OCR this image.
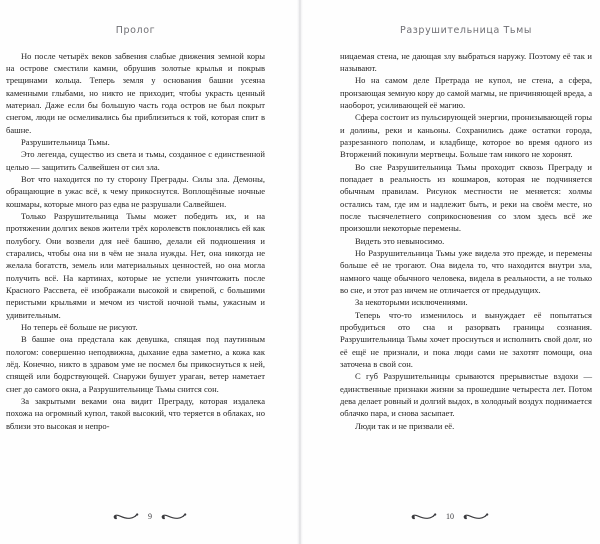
Пролог

Но после четырёх веков забвения слабые движения земной коры на острове сместили камни, обрушив золотые крылья и покрыв трещинами кольца. Теперь земля у основания башни усеяна каменными глыбами, но никто не приходит, чтобы украсть ценный материал. Даже если бы большую часть года остров не был покрыт снегом, люди не осмеливались бы приблизиться к той, которая спит в башне.

Разрушительница Тьмы.

Это легенда, существо из света и тьмы, созданное с единственной целью — защитить Салвейшен от сил зла.

Вот что находится по ту сторону Преграды. Силы зла. Демоны, обращающие в ужас всё, к чему прикоснутся. Воплощённые ночные кошмары, которые много раз едва не разрушали Салвейшен.

Только Разрушительница Тьмы может победить их, и на протяжении долгих веков жители трёх королевств поклонялись ей как полубогу. Они возвели для неё башню, делали ей подношения и старались, чтобы она ни в чём не знала нужды. Нет, она никогда не желала богатств, земель или материальных ценностей, но она могла получить всё. На картинах, которые не успели уничтожить после Красного Рассвета, её изображали высокой и свирепой, с большими перистыми крыльями и мечом из чистой ночной тьмы, ужасным и удивительным.

Но теперь её больше не рисуют.

В башне она предстала как девушка, спящая под паутинным пологом: совершенно неподвижна, дыхание едва заметно, а кожа как лёд. Конечно, никто в здравом уме не посмел бы прикоснуться к ней, спящей или бодрствующей. Снаружи бушует ураган, ветер наметает снег до самого окна, а Разрушительнице Тьмы снится сон.

За закрытыми веками она видит Преграду, которая издалека похожа на огромный купол, такой высокий, что теряется в облаках, но вблизи это высокая и непро-

9
Разрушительница Тьмы

ницаемая стена, не дающая злу выбраться наружу. Поэтому её так и называют.

Но на самом деле Претрада не купол, не стена, а сфера, пронзающая земную кору до самой магмы, не причиняющей вреда, а наоборот, усиливающей её магию.

Сфера состоит из пульсирующей энергии, пронизывающей горы и долины, реки и каньоны. Сохранились даже остатки города, разрезанного пополам, и кладбище, которое во время одного из Вторжений покинули мертвецы. Больше там никого не хоронят.

Во сне Разрушительница Тьмы проходит сквозь Преграду и попадает в реальность из кошмаров, которая не подчиняется обычным правилам. Рисунок местности не меняется: холмы остались там, где им и надлежит быть, и реки на своём месте, но после тысячелетнего соприкосновения со злом здесь всё же произошли некоторые перемены.

Видеть это невыносимо.

Но Разрушительница Тьмы уже видела это прежде, и перемены больше её не трогают. Она видела то, что находится внутри зла, намного чаще обычного человека, видела в реальности, а не только во сне, и этот раз ничем не отличается от предыдущих.

За некоторыми исключениями.

Теперь что-то изменилось и вынуждает её попытаться пробудиться ото сна и разорвать границы сознания. Разрушительница Тьмы хочет проснуться и исполнить свой долг, но её ещё не признали, и пока люди сами не захотят помощи, она заточена в свой сон.

С губ Разрушительницы срываются прерывистые вздохи — единственные признаки жизни за прошедшие четыреста лет. Потом дева делает ровный и долгий выдох, в холодный воздух поднимается облачко пара, и снова засыпает.

Люди так и не призвали её.

10
